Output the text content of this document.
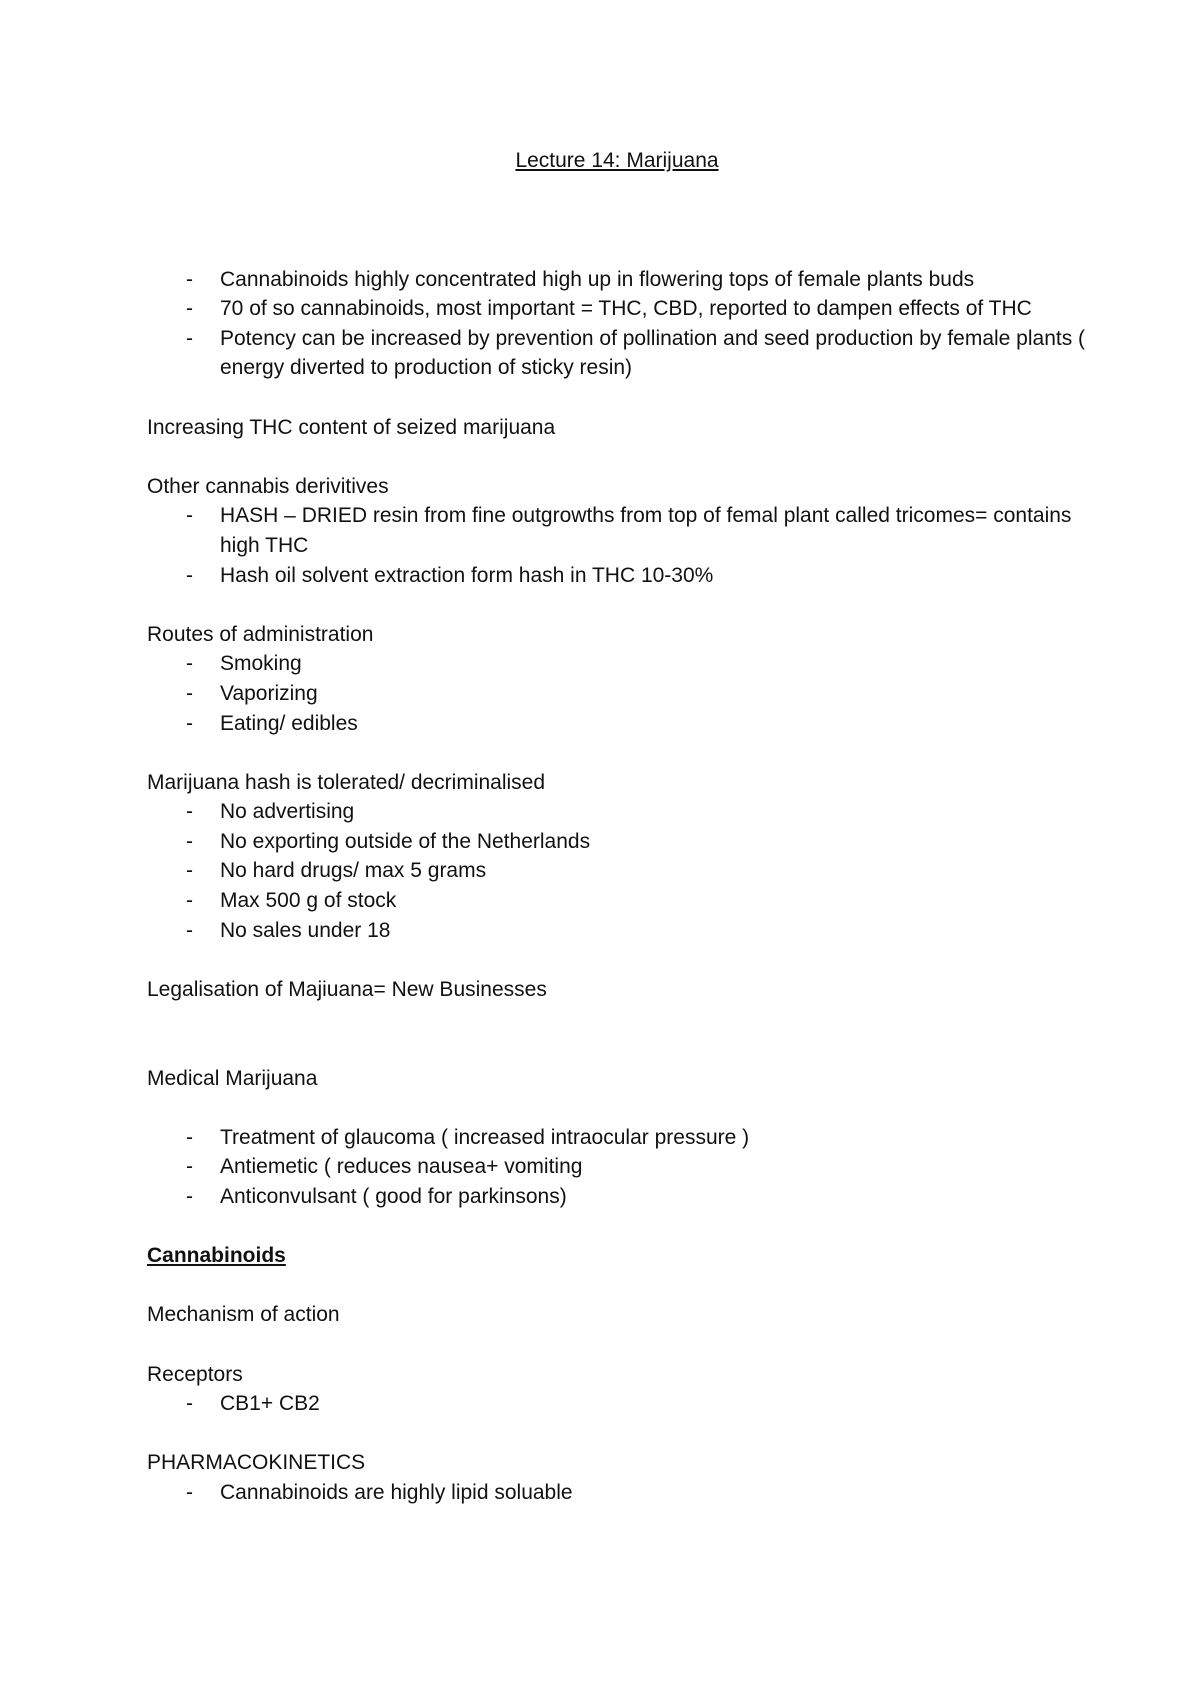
Lecture 14: Marijuana
- Cannabinoids highly concentrated high up in flowering tops of female plants buds
- 70 of so cannabinoids, most important = THC, CBD, reported to dampen effects of THC
- Potency can be increased by prevention of pollination and seed production by female plants ( energy diverted to production of sticky resin)

Increasing THC content of seized marijuana

Other cannabis derivitives

- HASH – DRIED resin from fine outgrowths from top of femal plant called tricomes= contains high THC
- Hash oil solvent extraction form hash in THC 10-30%

Routes of administration

- Smoking
- Vaporizing
- Eating/ edibles

Marijuana hash is tolerated/ decriminalised

- No advertising
- No exporting outside of the Netherlands
- No hard drugs/ max 5 grams
- Max 500 g of stock
- No sales under 18

Legalisation of Majiuana= New Businesses

Medical Marijuana

- Treatment of glaucoma ( increased intraocular pressure )
- Antiemetic ( reduces nausea+ vomiting
- Anticonvulsant ( good for parkinsons)

Cannabinoids

Mechanism of action

Receptors

- CB1+ CB2

PHARMACOKINETICS

- Cannabinoids are highly lipid soluable
